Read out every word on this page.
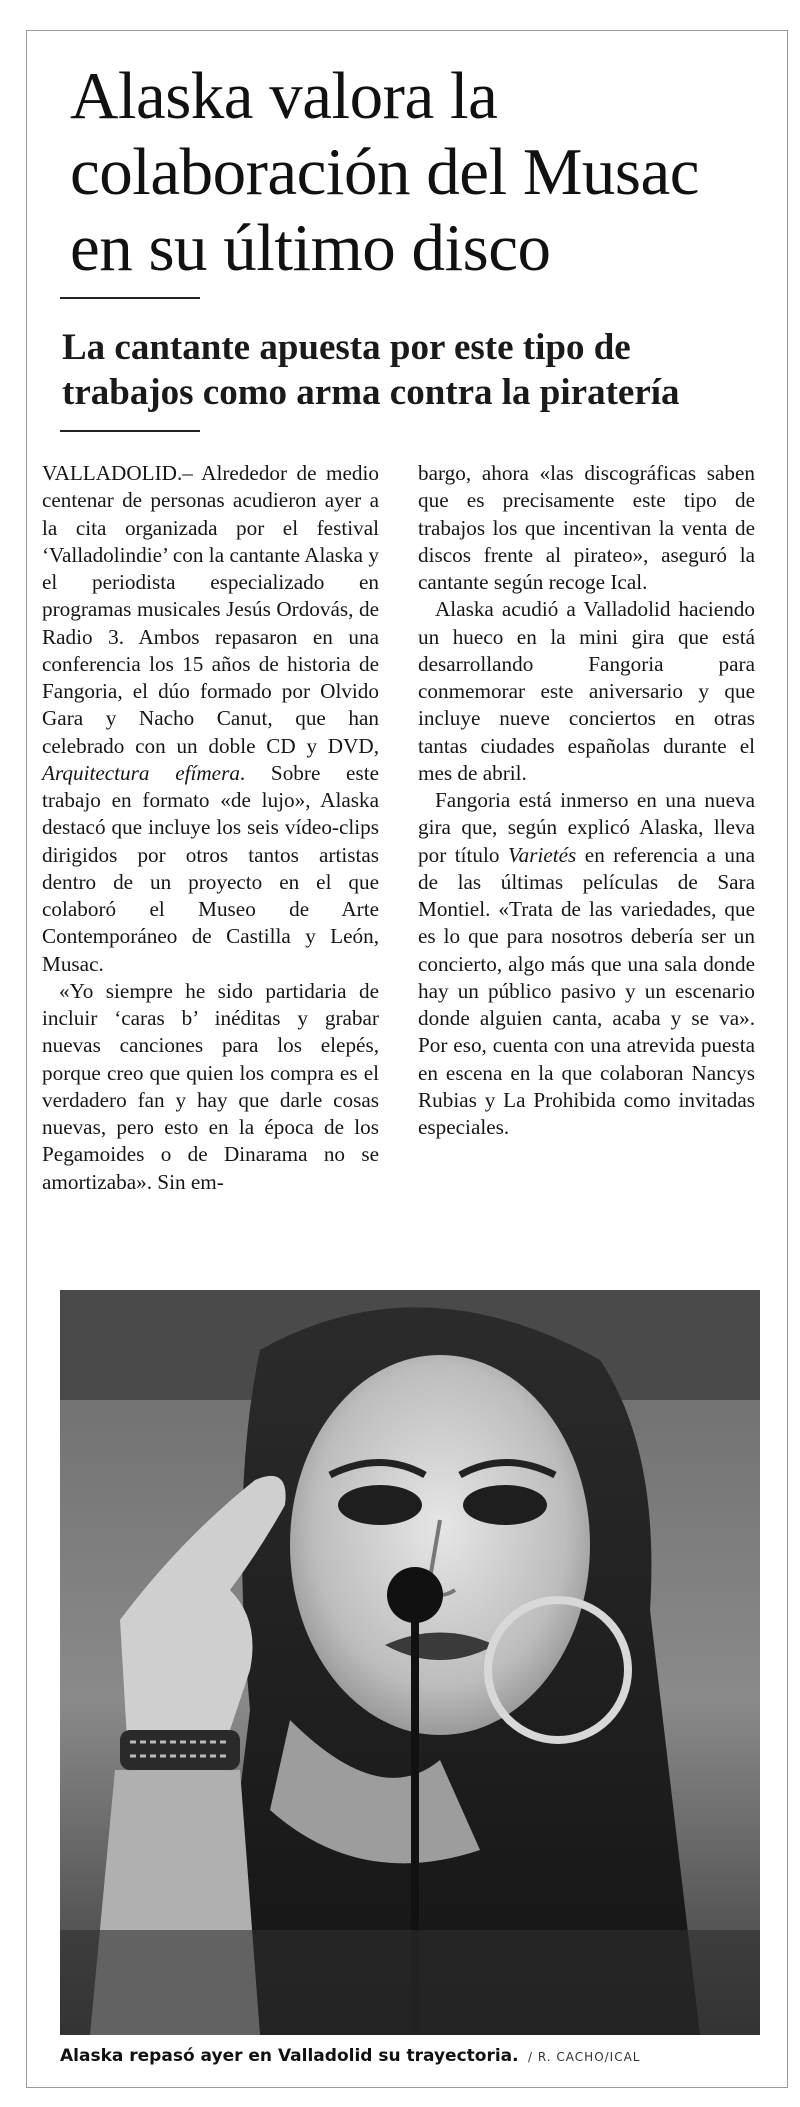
Alaska valora la colaboración del Musac en su último disco
La cantante apuesta por este tipo de trabajos como arma contra la piratería

VALLADOLID.– Alrededor de medio centenar de personas acudieron ayer a la cita organizada por el festival ‘Valladolindie’ con la cantante Alaska y el periodista especializado en programas musicales Jesús Ordovás, de Radio 3. Ambos repasaron en una conferencia los 15 años de historia de Fangoria, el dúo formado por Olvido Gara y Nacho Canut, que han celebrado con un doble CD y DVD, Arquitectura efímera. Sobre este trabajo en formato «de lujo», Alaska destacó que incluye los seis vídeo-clips dirigidos por otros tantos artistas dentro de un proyecto en el que colaboró el Museo de Arte Contemporáneo de Castilla y León, Musac.

«Yo siempre he sido partidaria de incluir ‘caras b’ inéditas y grabar nuevas canciones para los elepés, porque creo que quien los compra es el verdadero fan y hay que darle cosas nuevas, pero esto en la época de los Pegamoides o de Dinarama no se amortizaba». Sin em-

bargo, ahora «las discográficas saben que es precisamente este tipo de trabajos los que incentivan la venta de discos frente al pirateo», aseguró la cantante según recoge Ical.

Alaska acudió a Valladolid haciendo un hueco en la mini gira que está desarrollando Fangoria para conmemorar este aniversario y que incluye nueve conciertos en otras tantas ciudades españolas durante el mes de abril.

Fangoria está inmerso en una nueva gira que, según explicó Alaska, lleva por título Varietés en referencia a una de las últimas películas de Sara Montiel. «Trata de las variedades, que es lo que para nosotros debería ser un concierto, algo más que una sala donde hay un público pasivo y un escenario donde alguien canta, acaba y se va». Por eso, cuenta con una atrevida puesta en escena en la que colaboran Nancys Rubias y La Prohibida como invitadas especiales.

Alaska repasó ayer en Valladolid su trayectoria. / R. CACHO/ICAL
